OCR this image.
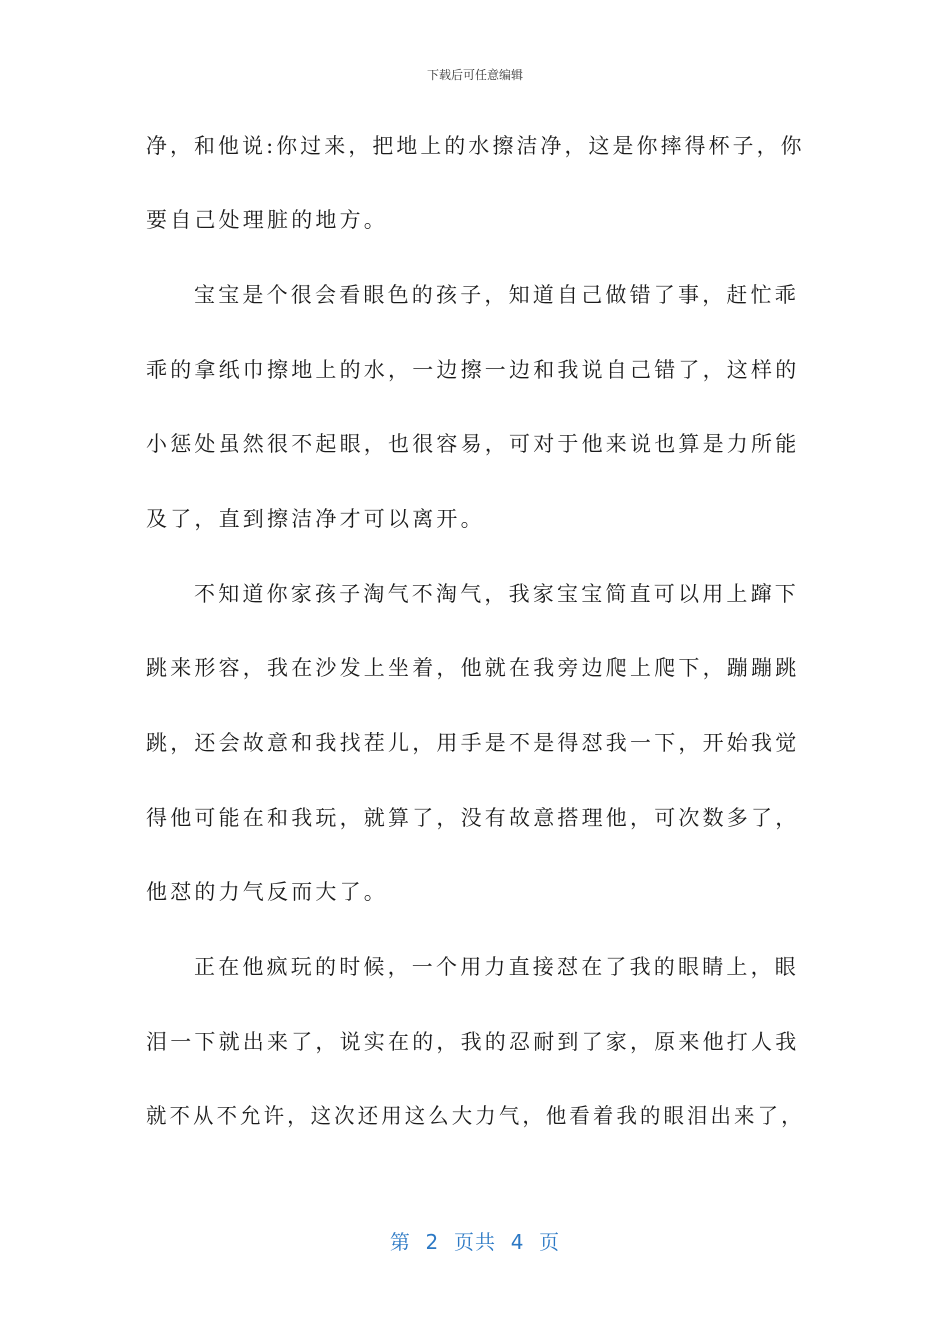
下载后可任意编辑
净，和他说:你过来，把地上的水擦洁净，这是你摔得杯子，你
要自己处理脏的地方。
宝宝是个很会看眼色的孩子，知道自己做错了事，赶忙乖
乖的拿纸巾擦地上的水，一边擦一边和我说自己错了，这样的
小惩处虽然很不起眼，也很容易，可对于他来说也算是力所能
及了，直到擦洁净才可以离开。
不知道你家孩子淘气不淘气，我家宝宝简直可以用上蹿下
跳来形容，我在沙发上坐着，他就在我旁边爬上爬下，蹦蹦跳
跳，还会故意和我找茬儿，用手是不是得怼我一下，开始我觉
得他可能在和我玩，就算了，没有故意搭理他，可次数多了，
他怼的力气反而大了。
正在他疯玩的时候，一个用力直接怼在了我的眼睛上，眼
泪一下就出来了，说实在的，我的忍耐到了家，原来他打人我
就不从不允许，这次还用这么大力气，他看着我的眼泪出来了，
第  2  页共  4  页
